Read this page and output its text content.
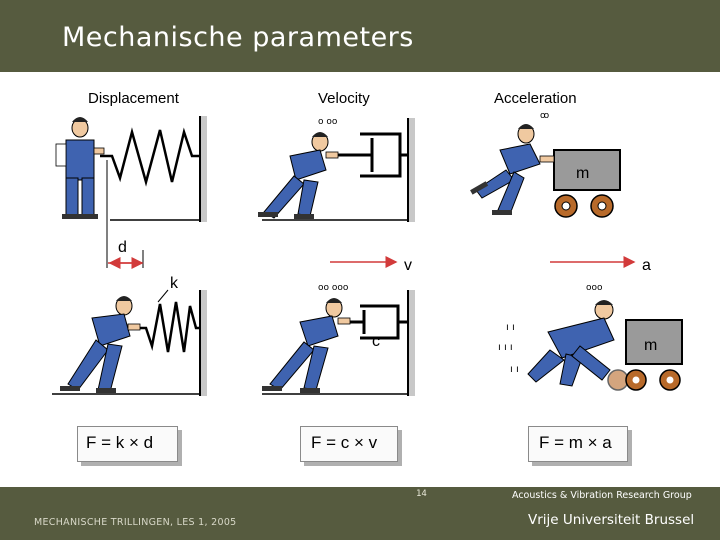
Mechanische parameters
Displacement	Velocity	Acceleration
d
k
o oo
v
c
oo ooo
m
ꝏ
a
m
ı ı
ı ı ı
ı ı
ooo
F = k × d	F = c × v	F = m × a
14	Acoustics & Vibration Research Group
MECHANISCHE TRILLINGEN, LES 1, 2005	Vrije Universiteit Brussel
